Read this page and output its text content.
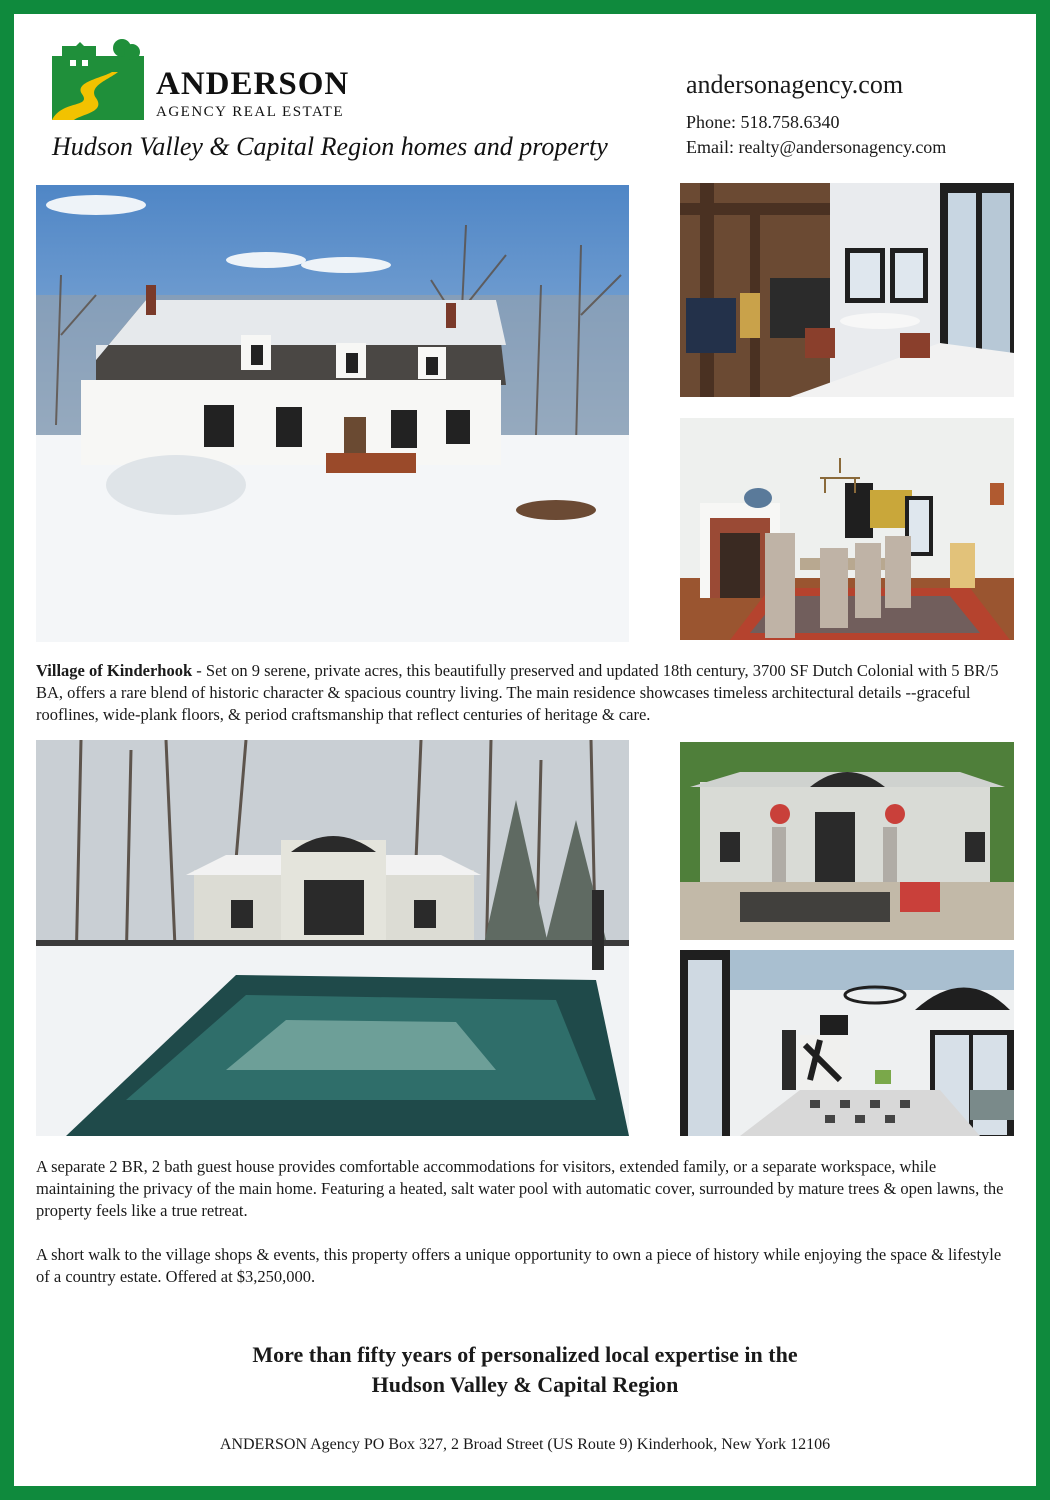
ANDERSON
AGENCY REAL ESTATE
Hudson Valley & Capital Region homes and property
andersonagency.com
Phone: 518.758.6340
Email: realty@andersonagency.com
Village of Kinderhook - Set on 9 serene, private acres, this beautifully preserved and updated 18th century, 3700 SF Dutch Colonial with 5 BR/5 BA, offers a rare blend of historic character & spacious country living. The main residence showcases timeless architectural details --graceful rooflines, wide-plank floors, & period craftsmanship that reflect centuries of heritage & care.
A separate 2 BR, 2 bath guest house provides comfortable accommodations for visitors, extended family, or a separate workspace, while maintaining the privacy of the main home. Featuring a heated, salt water pool with automatic cover, surrounded by mature trees & open lawns, the property feels like a true retreat.
A short walk to the village shops & events, this property offers a unique opportunity to own a piece of history while enjoying the space & lifestyle of a country estate. Offered at $3,250,000.
More than fifty years of personalized local expertise in the
Hudson Valley & Capital Region
ANDERSON Agency PO Box 327, 2 Broad Street (US Route 9) Kinderhook, New York 12106
